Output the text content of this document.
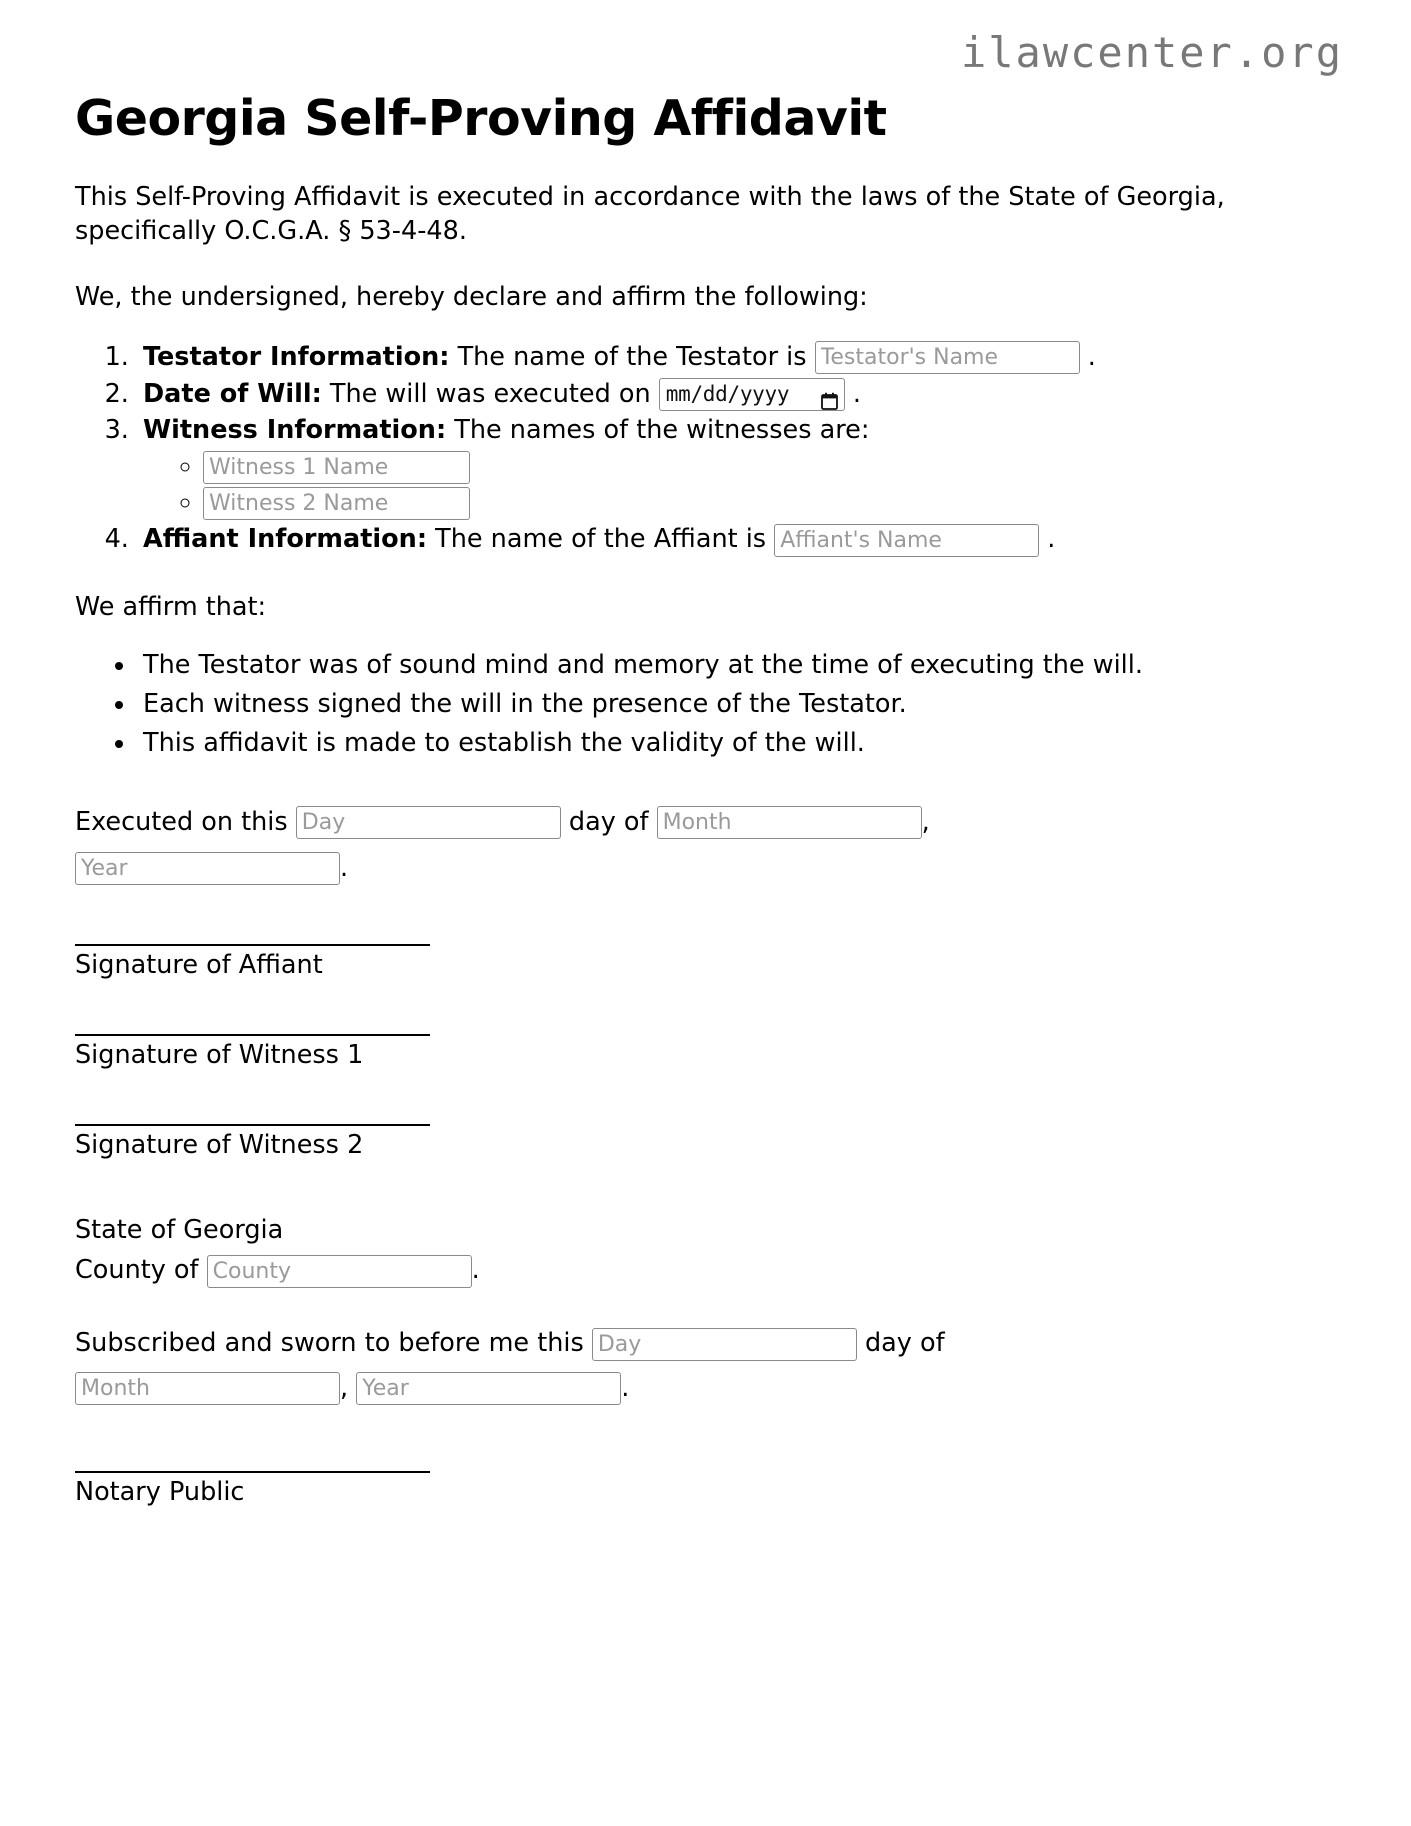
ilawcenter.org
Georgia Self-Proving Affidavit

This Self-Proving Affidavit is executed in accordance with the laws of the State of Georgia, specifically O.C.G.A. § 53-4-48.

We, the undersigned, hereby declare and affirm the following:

1. Testator Information: The name of the Testator is Testator's Name	.
2. Date of Will: The will was executed on mm/dd/yyyy .
3. Witness Information: The names of the witnesses are:
◦ Witness 1 Name
◦ Witness 2 Name
4. Affiant Information: The name of the Affiant is Affiant's Name	.

We affirm that:

• The Testator was of sound mind and memory at the time of executing the will.
• Each witness signed the will in the presence of the Testator.
• This affidavit is made to establish the validity of the will.
Executed on this Day	day of Month	,
Year.

Signature of Affiant

Signature of Witness 1

Signature of Witness 2

State of Georgia
County of County	.
Subscribed and sworn to before me this Day	day of
Month, Year	.

Notary Public
